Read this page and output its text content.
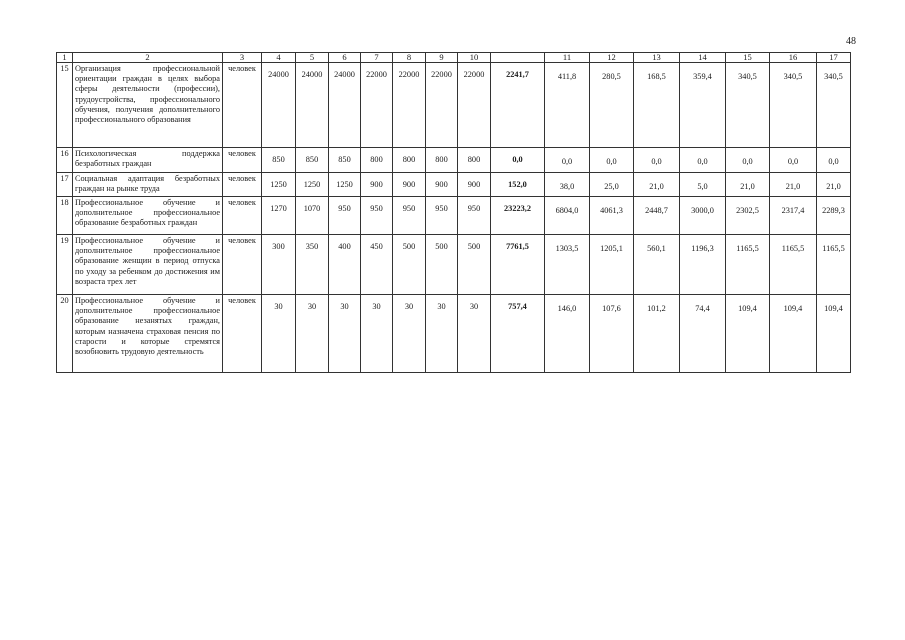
48
1	2	3	4	5	6	7	8	9	10		11	12	13	14	15	16	17
15	Организация профессиональной ориентации граждан в целях выбора сферы деятельности (профессии), трудоустройства, профессионального обучения, получения дополнительного профессионального образования	человек	24000	24000	24000	22000	22000	22000	22000	2241,7	411,8	280,5	168,5	359,4	340,5	340,5	340,5
16	Психологическая поддержка безработных граждан	человек	850	850	850	800	800	800	800	0,0	0,0	0,0	0,0	0,0	0,0	0,0	0,0
17	Социальная адаптация безработных граждан на рынке труда	человек	1250	1250	1250	900	900	900	900	152,0	38,0	25,0	21,0	5,0	21,0	21,0	21,0
18	Профессиональное обучение и дополнительное профессиональное образование безработных граждан	человек	1270	1070	950	950	950	950	950	23223,2	6804,0	4061,3	2448,7	3000,0	2302,5	2317,4	2289,3
19	Профессиональное обучение и дополнительное профессиональное образование женщин в период отпуска по уходу за ребенком до достижения им возраста трех лет	человек	300	350	400	450	500	500	500	7761,5	1303,5	1205,1	560,1	1196,3	1165,5	1165,5	1165,5
20	Профессиональное обучение и дополнительное профессиональное образование незанятых граждан, которым назначена страховая пенсия по старости и которые стремятся возобновить трудовую деятельность	человек	30	30	30	30	30	30	30	757,4	146,0	107,6	101,2	74,4	109,4	109,4	109,4
